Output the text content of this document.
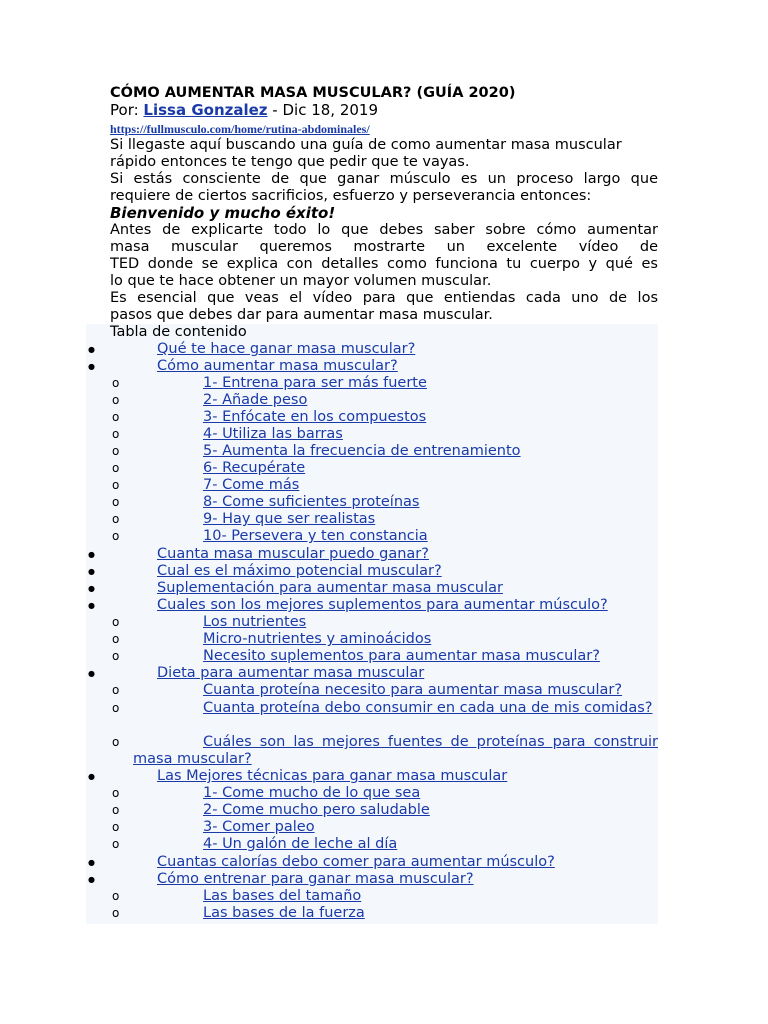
CÓMO AUMENTAR MASA MUSCULAR? (GUÍA 2020)
Por: Lissa Gonzalez - Dic 18, 2019
https://fullmusculo.com/home/rutina-abdominales/
Si llegaste aquí buscando una guía de como aumentar masa muscular
rápido entonces te tengo que pedir que te vayas.
Si estás consciente de que ganar músculo es un proceso largo que
requiere de ciertos sacrificios, esfuerzo y perseverancia entonces:
Bienvenido y mucho éxito!
Antes de explicarte todo lo que debes saber sobre cómo aumentar
masa muscular queremos mostrarte un excelente vídeo de
TED donde se explica con detalles como funciona tu cuerpo y qué es
lo que te hace obtener un mayor volumen muscular.
Es esencial que veas el vídeo para que entiendas cada uno de los
pasos que debes dar para aumentar masa muscular.
Tabla de contenido
●	Qué te hace ganar masa muscular?
●	Cómo aumentar masa muscular?
o	1- Entrena para ser más fuerte
o	2- Añade peso
o	3- Enfócate en los compuestos
o	4- Utiliza las barras
o	5- Aumenta la frecuencia de entrenamiento
o	6- Recupérate
o	7- Come más
o	8- Come suficientes proteínas
o	9- Hay que ser realistas
o	10- Persevera y ten constancia
●	Cuanta masa muscular puedo ganar?
●	Cual es el máximo potencial muscular?
●	Suplementación para aumentar masa muscular
●	Cuales son los mejores suplementos para aumentar músculo?
o	Los nutrientes
o	Micro-nutrientes y aminoácidos
o	Necesito suplementos para aumentar masa muscular?
●	Dieta para aumentar masa muscular
o	Cuanta proteína necesito para aumentar masa muscular?
o	Cuanta proteína debo consumir en cada una de mis comidas?
o	Cuáles son las mejores fuentes de proteínas para construir masa muscular?
●	Las Mejores técnicas para ganar masa muscular
o	1- Come mucho de lo que sea
o	2- Come mucho pero saludable
o	3- Comer paleo
o	4- Un galón de leche al día
●	Cuantas calorías debo comer para aumentar músculo?
●	Cómo entrenar para ganar masa muscular?
o	Las bases del tamaño
o	Las bases de la fuerza
